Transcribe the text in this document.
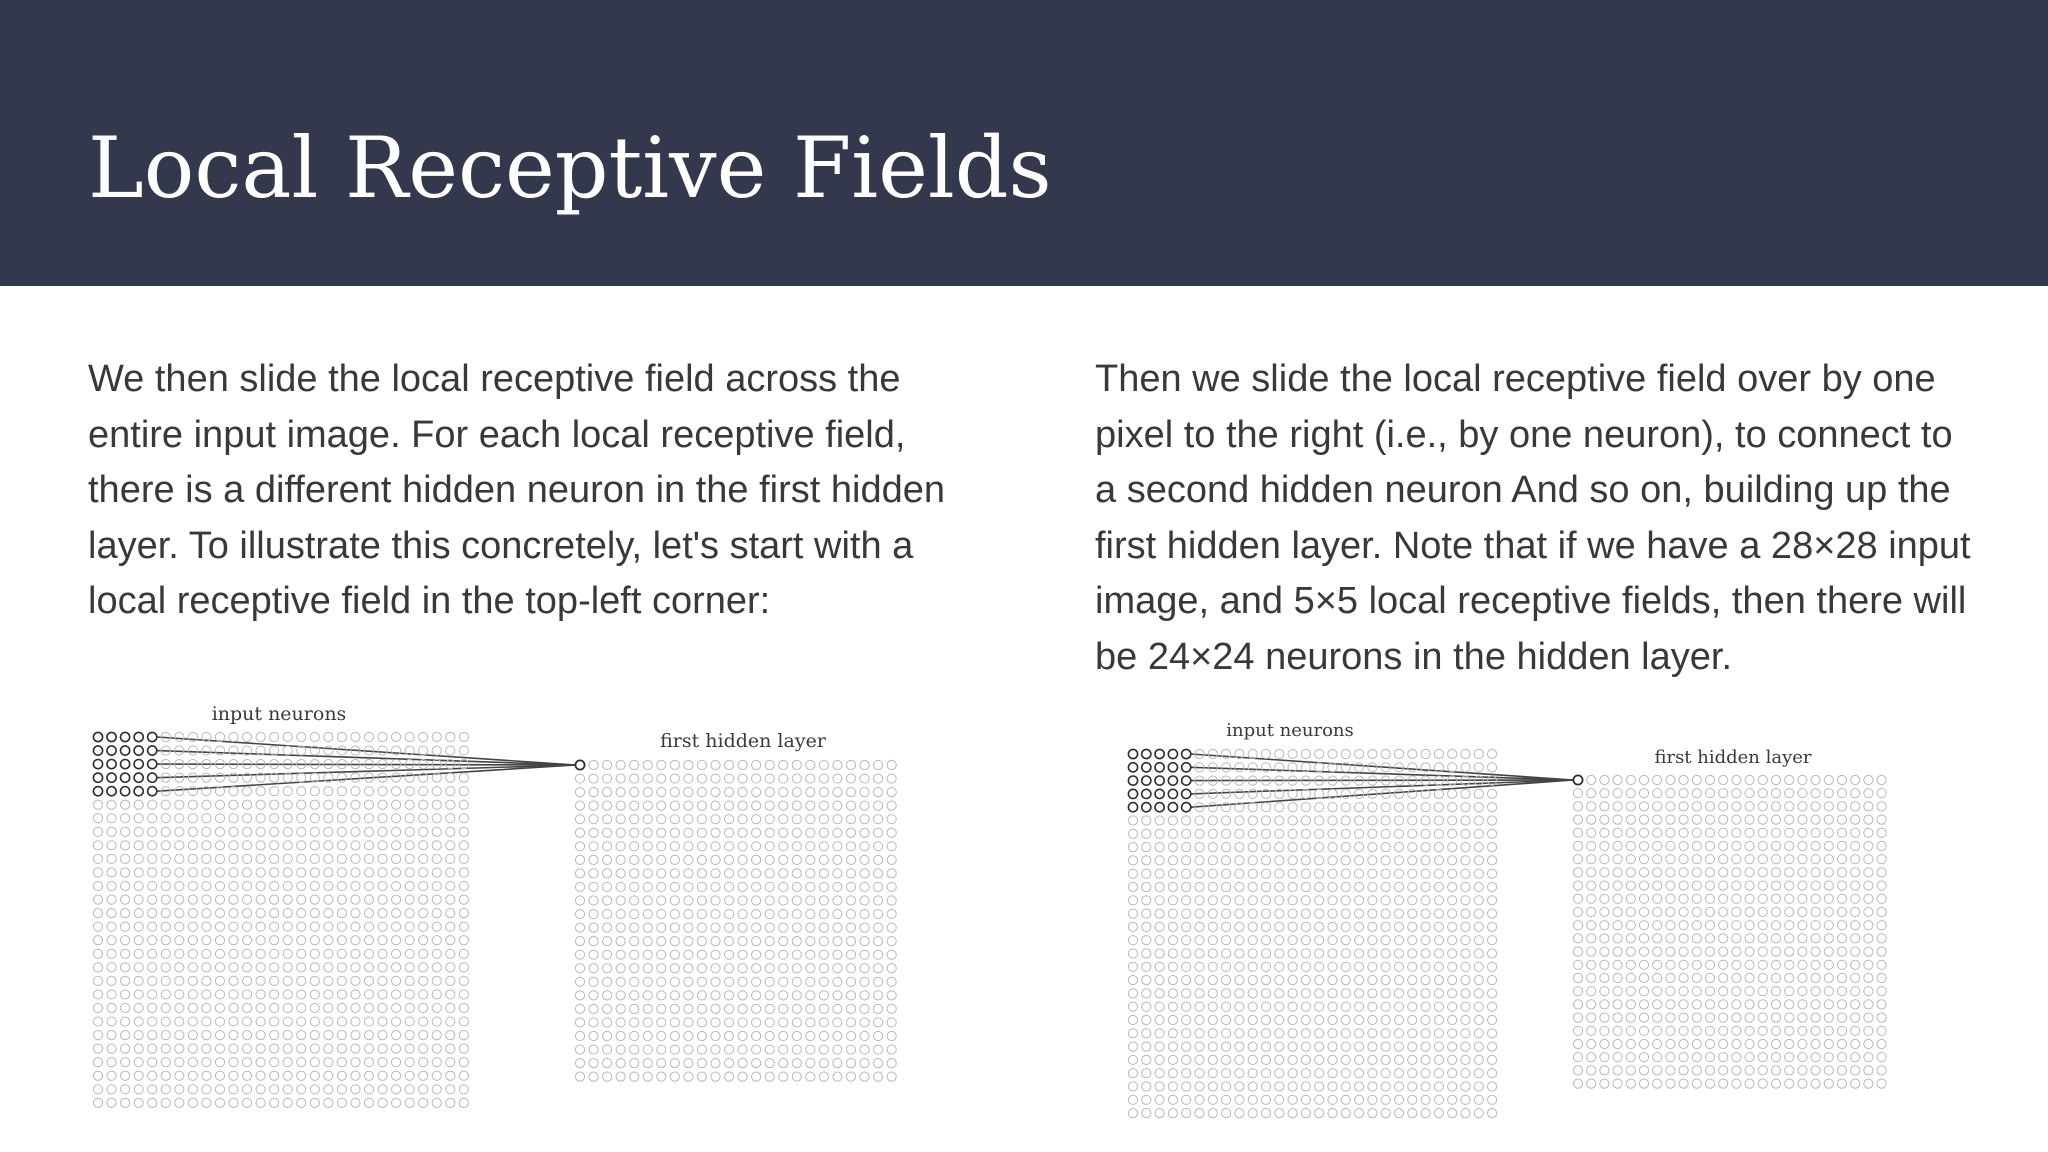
Local Receptive Fields

We then slide the local receptive field across the entire input image. For each local receptive field, there is a different hidden neuron in the first hidden layer. To illustrate this concretely, let's start with a local receptive field in the top-left corner:

Then we slide the local receptive field over by one pixel to the right (i.e., by one neuron), to connect to a second hidden neuron And so on, building up the first hidden layer. Note that if we have a 28×28 input image, and 5×5 local receptive fields, then there will be 24×24 neurons in the hidden layer.

input neurons
first hidden layer	input neurons
first hidden layer
